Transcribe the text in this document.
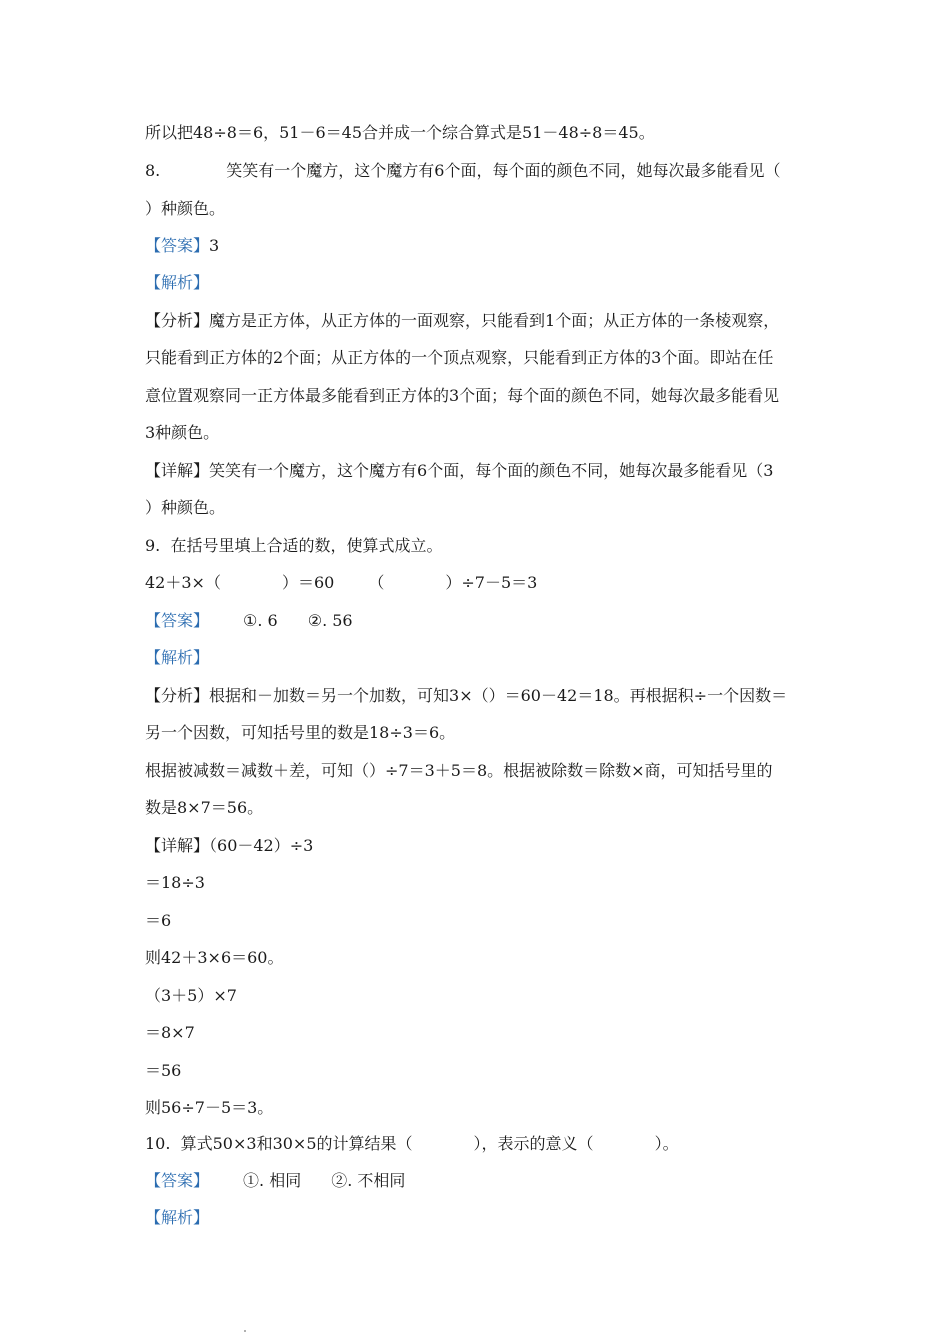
所以把48÷8＝6，51－6＝45合并成一个综合算式是51－48÷8＝45。
8.	笑笑有一个魔方，这个魔方有6个面，每个面的颜色不同，她每次最多能看见（
）种颜色。
【答案】3
【解析】
【分析】魔方是正方体，从正方体的一面观察，只能看到1个面；从正方体的一条棱观察，
只能看到正方体的2个面；从正方体的一个顶点观察，只能看到正方体的3个面。即站在任
意位置观察同一正方体最多能看到正方体的3个面；每个面的颜色不同，她每次最多能看见
3种颜色。
【详解】笑笑有一个魔方，这个魔方有6个面，每个面的颜色不同，她每次最多能看见（3
）种颜色。
9.  在括号里填上合适的数，使算式成立。
42＋3×（            ）＝60 （            ）÷7－5＝3
【答案】 ①. 6 ②. 56
【解析】
【分析】根据和－加数＝另一个加数，可知3×（）＝60－42＝18。再根据积÷一个因数＝
另一个因数，可知括号里的数是18÷3＝6。
根据被减数＝减数＋差，可知（）÷7＝3＋5＝8。根据被除数＝除数×商，可知括号里的
数是8×7＝56。
【详解】（60－42）÷3
＝18÷3
＝6
则42＋3×6＝60。
（3＋5）×7
＝8×7
＝56
则56÷7－5＝3。
10.  算式50×3和30×5的计算结果（            ），表示的意义（            ）。
【答案】 ①. 相同 ②. 不相同
【解析】
